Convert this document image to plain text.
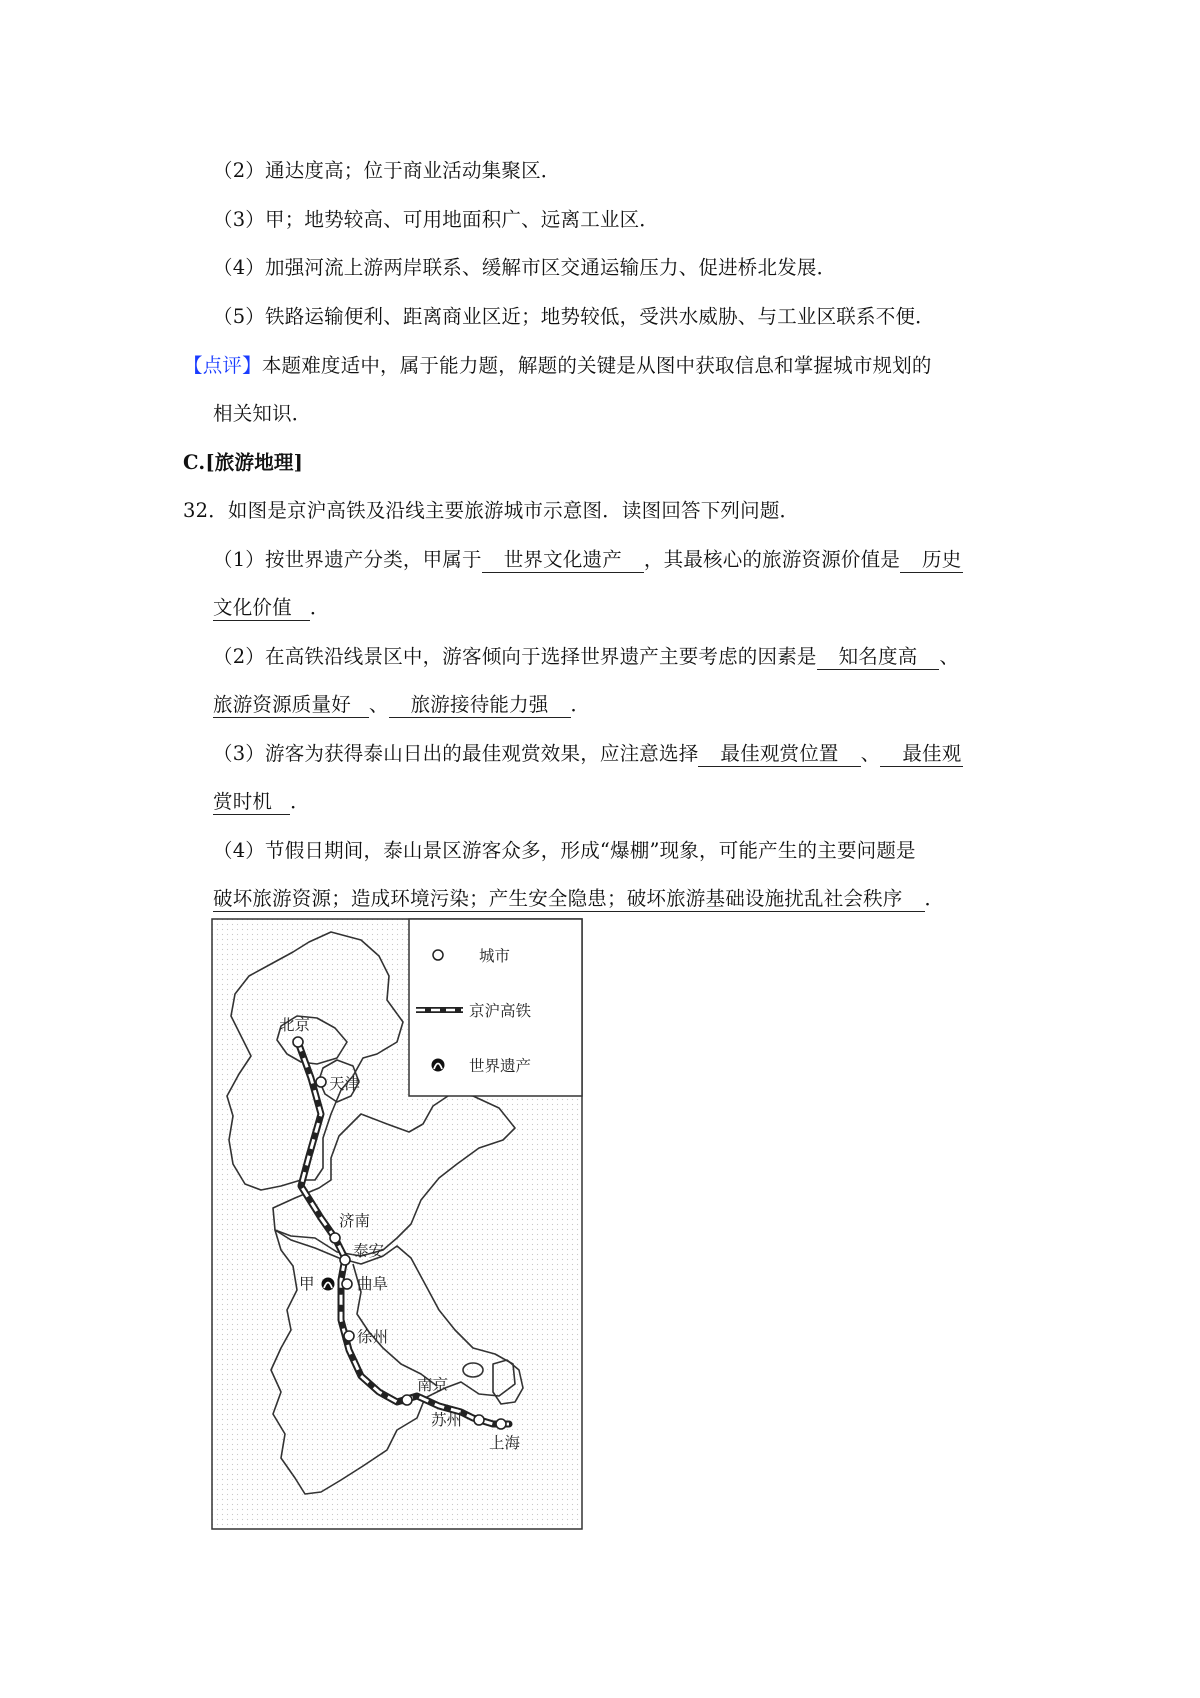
（2）通达度高；位于商业活动集聚区．
（3）甲；地势较高、可用地面积广、远离工业区．
（4）加强河流上游两岸联系、缓解市区交通运输压力、促进桥北发展．
（5）铁路运输便利、距离商业区近；地势较低，受洪水威胁、与工业区联系不便．
【点评】本题难度适中，属于能力题，解题的关键是从图中获取信息和掌握城市规划的
相关知识．
C.[旅游地理]
32．如图是京沪高铁及沿线主要旅游城市示意图．读图回答下列问题．
（1）按世界遗产分类，甲属于 世界文化遗产 ，其最核心的旅游资源价值是 历史
文化价值 ．
（2）在高铁沿线景区中，游客倾向于选择世界遗产主要考虑的因素是 知名度高 、
旅游资源质量好 、 旅游接待能力强 ．
（3）游客为获得泰山日出的最佳观赏效果，应注意选择 最佳观赏位置 、 最佳观
赏时机 ．
（4）节假日期间，泰山景区游客众多，形成“爆棚”现象，可能产生的主要问题是
破坏旅游资源；造成环境污染；产生安全隐患；破坏旅游基础设施扰乱社会秩序 ．
城市
京沪高铁
世界遗产
北京
天津
济南
泰安
曲阜
甲
徐州
南京
苏州
上海
